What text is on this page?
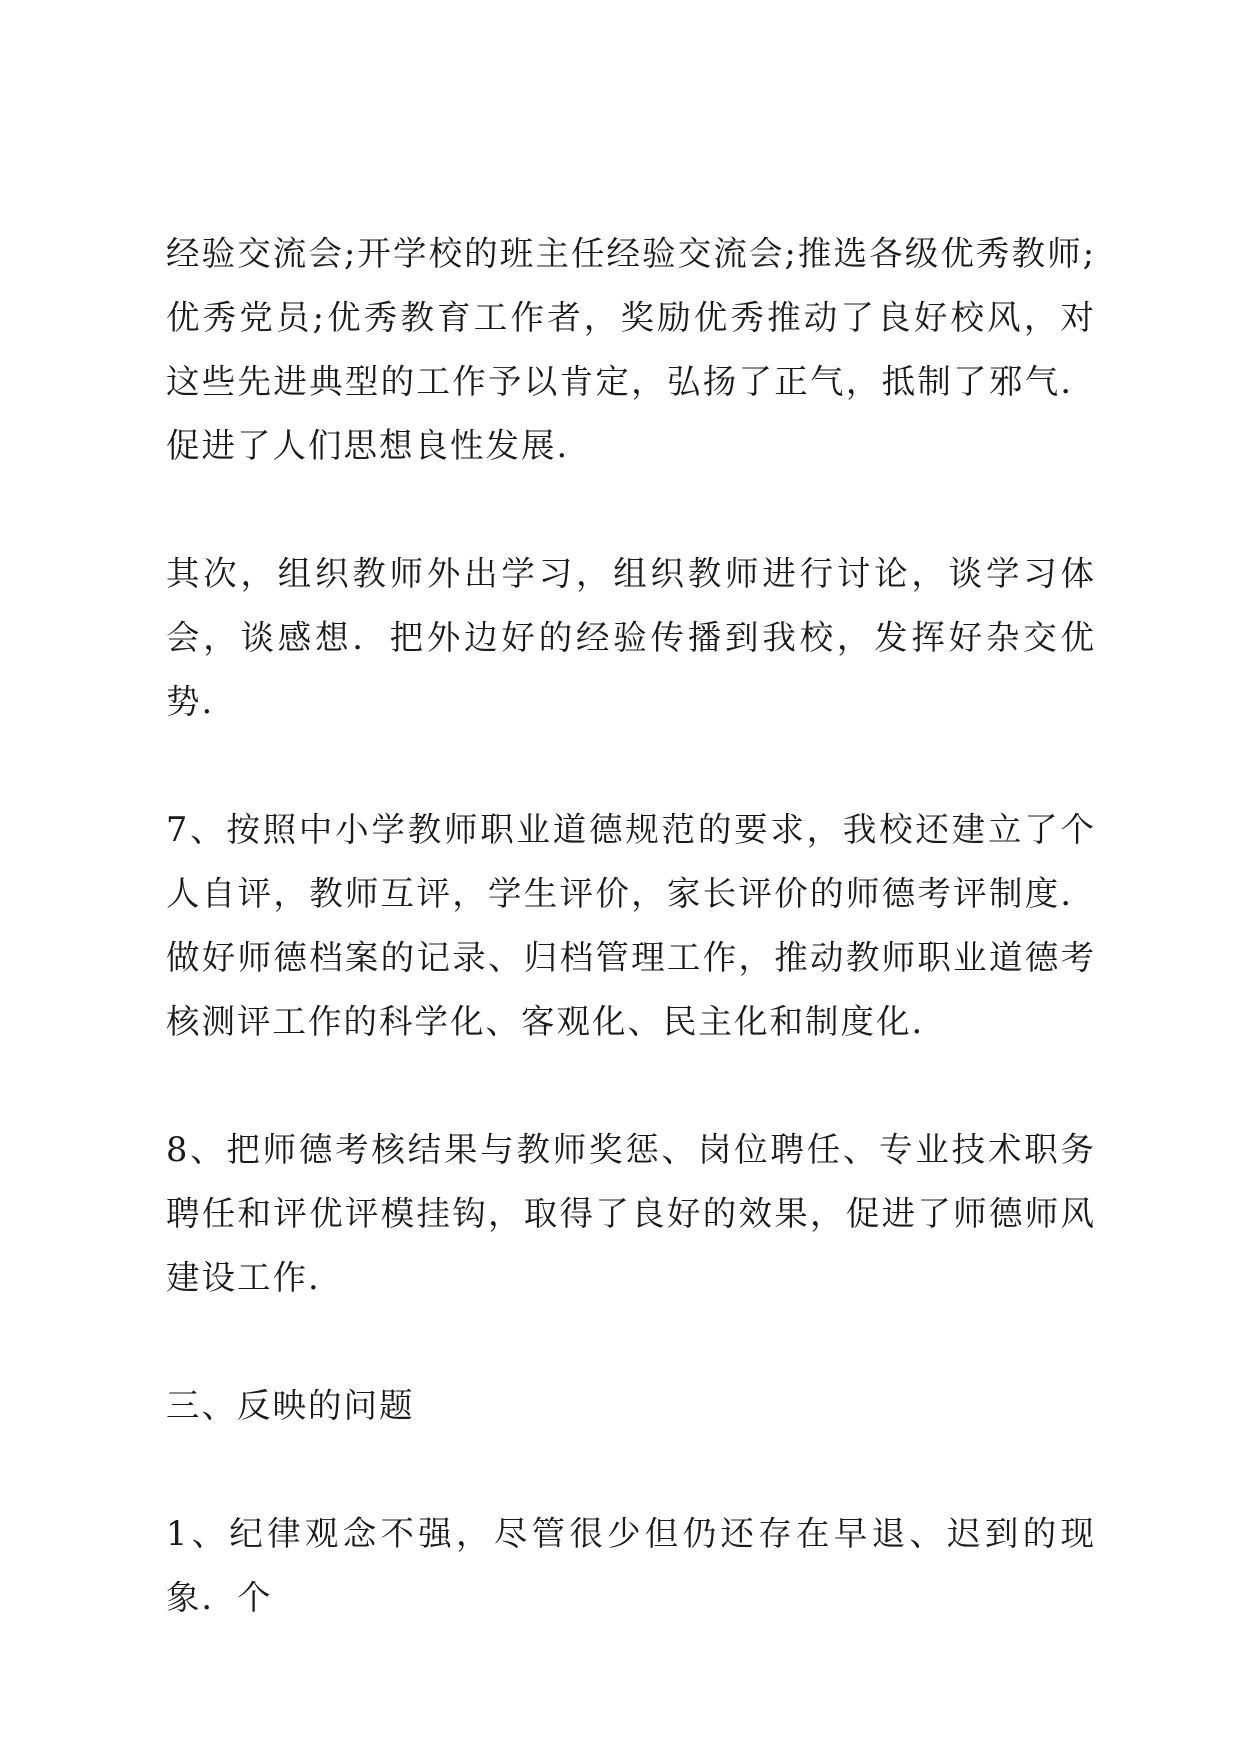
经验交流会;开学校的班主任经验交流会;推选各级优秀教师;优秀党员;优秀教育工作者，奖励优秀推动了良好校风，对这些先进典型的工作予以肯定，弘扬了正气，抵制了邪气．促进了人们思想良性发展.

其次，组织教师外出学习，组织教师进行讨论，谈学习体会，谈感想．把外边好的经验传播到我校，发挥好杂交优势.

7、按照中小学教师职业道德规范的要求，我校还建立了个人自评，教师互评，学生评价，家长评价的师德考评制度．做好师德档案的记录、归档管理工作，推动教师职业道德考核测评工作的科学化、客观化、民主化和制度化.

8、把师德考核结果与教师奖惩、岗位聘任、专业技术职务聘任和评优评模挂钩，取得了良好的效果，促进了师德师风建设工作.

三、反映的问题

1、纪律观念不强，尽管很少但仍还存在早退、迟到的现象．个
